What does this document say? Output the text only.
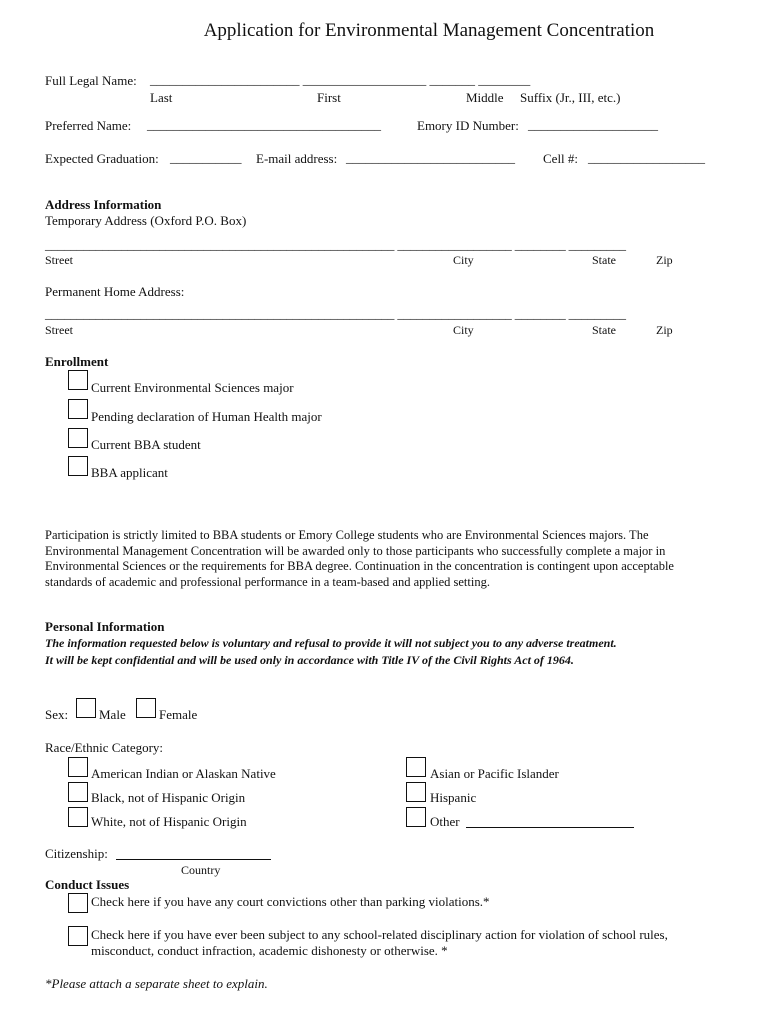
Application for Environmental Management Concentration
Full Legal Name: _______________________ ___________________ _______ ________
Last	First	Middle Suffix (Jr., III, etc.)
Preferred Name: ____________________________________	Emory ID Number: ____________________
Expected Graduation: ___________ E-mail address: __________________________ Cell #: __________________
Address Information
Temporary Address (Oxford P.O. Box)
_______________________________________________________ __________________ ________ _________
Street	City	State	Zip
Permanent Home Address:
_______________________________________________________ __________________ ________ _________
Street	City	State	Zip
Enrollment
Current Environmental Sciences major
Pending declaration of Human Health major
Current BBA student
BBA applicant
Participation is strictly limited to BBA students or Emory College students who are Environmental Sciences majors. The Environmental Management Concentration will be awarded only to those participants who successfully complete a major in Environmental Sciences or the requirements for BBA degree. Continuation in the concentration is contingent upon acceptable standards of academic and professional performance in a team-based and applied setting.
Personal Information
The information requested below is voluntary and refusal to provide it will not subject you to any adverse treatment.
It will be kept confidential and will be used only in accordance with Title IV of the Civil Rights Act of 1964.
Sex: Male	Female
Race/Ethnic Category:
American Indian or Alaskan Native
Black, not of Hispanic Origin
White, not of Hispanic Origin
Asian or Pacific Islander
Hispanic
Other
Citizenship:
Country
Conduct Issues
Check here if you have any court convictions other than parking violations.*
Check here if you have ever been subject to any school-related disciplinary action for violation of school rules,
misconduct, conduct infraction, academic dishonesty or otherwise. *
*Please attach a separate sheet to explain.
